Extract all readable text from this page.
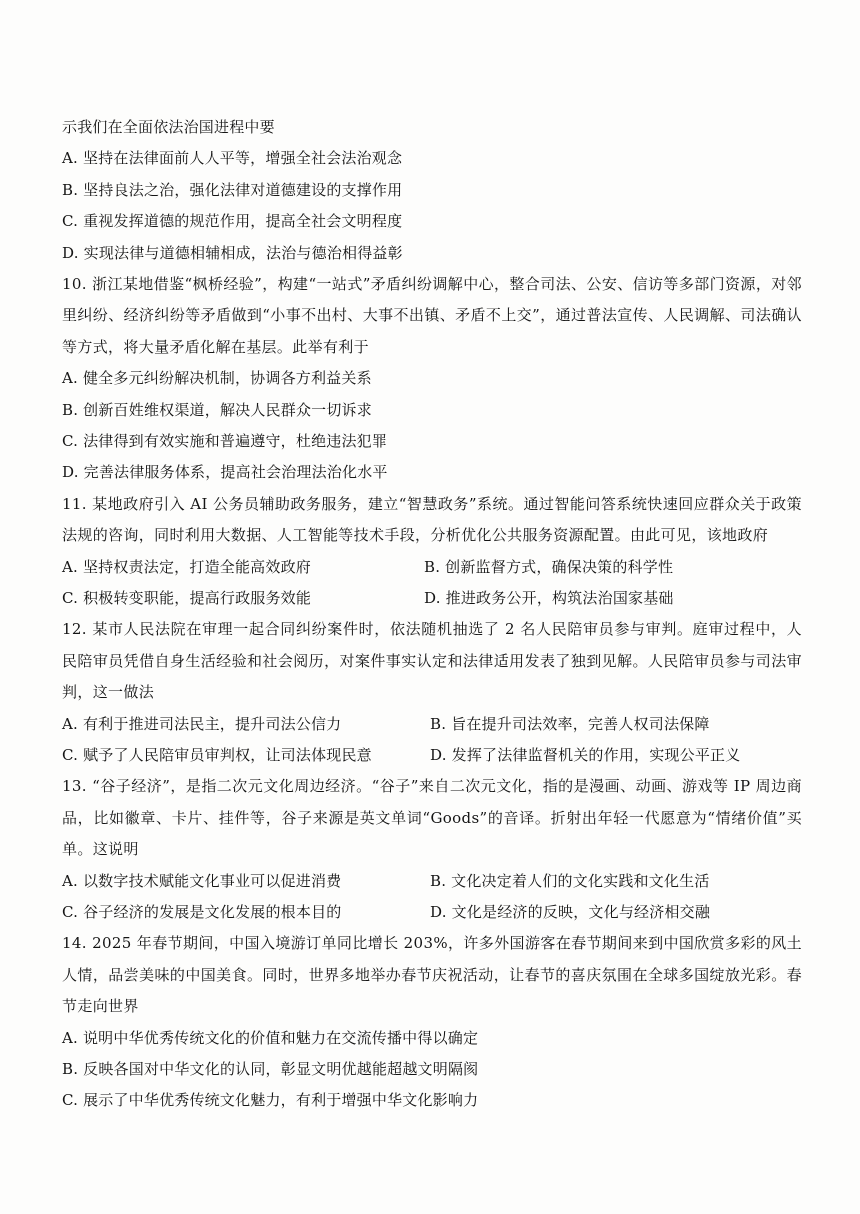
示我们在全面依法治国进程中要
A. 坚持在法律面前人人平等，增强全社会法治观念
B. 坚持良法之治，强化法律对道德建设的支撑作用
C. 重视发挥道德的规范作用，提高全社会文明程度
D. 实现法律与道德相辅相成，法治与德治相得益彰
10. 浙江某地借鉴“枫桥经验”，构建“一站式”矛盾纠纷调解中心，整合司法、公安、信访等多部门资源，对邻里纠纷、经济纠纷等矛盾做到“小事不出村、大事不出镇、矛盾不上交”，通过普法宣传、人民调解、司法确认等方式，将大量矛盾化解在基层。此举有利于
A. 健全多元纠纷解决机制，协调各方利益关系
B. 创新百姓维权渠道，解决人民群众一切诉求
C. 法律得到有效实施和普遍遵守，杜绝违法犯罪
D. 完善法律服务体系，提高社会治理法治化水平
11. 某地政府引入 AI 公务员辅助政务服务，建立“智慧政务”系统。通过智能问答系统快速回应群众关于政策法规的咨询，同时利用大数据、人工智能等技术手段，分析优化公共服务资源配置。由此可见，该地政府
A. 坚持权责法定，打造全能高效政府	B. 创新监督方式，确保决策的科学性
C. 积极转变职能，提高行政服务效能	D. 推进政务公开，构筑法治国家基础
12. 某市人民法院在审理一起合同纠纷案件时，依法随机抽选了 2 名人民陪审员参与审判。庭审过程中，人民陪审员凭借自身生活经验和社会阅历，对案件事实认定和法律适用发表了独到见解。人民陪审员参与司法审判，这一做法
A. 有利于推进司法民主，提升司法公信力	B. 旨在提升司法效率，完善人权司法保障
C. 赋予了人民陪审员审判权，让司法体现民意	D. 发挥了法律监督机关的作用，实现公平正义
13. “谷子经济”，是指二次元文化周边经济。“谷子”来自二次元文化，指的是漫画、动画、游戏等 IP 周边商品，比如徽章、卡片、挂件等，谷子来源是英文单词“Goods”的音译。折射出年轻一代愿意为“情绪价值”买单。这说明
A. 以数字技术赋能文化事业可以促进消费	B. 文化决定着人们的文化实践和文化生活
C. 谷子经济的发展是文化发展的根本目的	D. 文化是经济的反映，文化与经济相交融
14. 2025 年春节期间，中国入境游订单同比增长 203%，许多外国游客在春节期间来到中国欣赏多彩的风土人情，品尝美味的中国美食。同时，世界多地举办春节庆祝活动，让春节的喜庆氛围在全球多国绽放光彩。春节走向世界
A. 说明中华优秀传统文化的价值和魅力在交流传播中得以确定
B. 反映各国对中华文化的认同，彰显文明优越能超越文明隔阂
C. 展示了中华优秀传统文化魅力，有利于增强中华文化影响力
